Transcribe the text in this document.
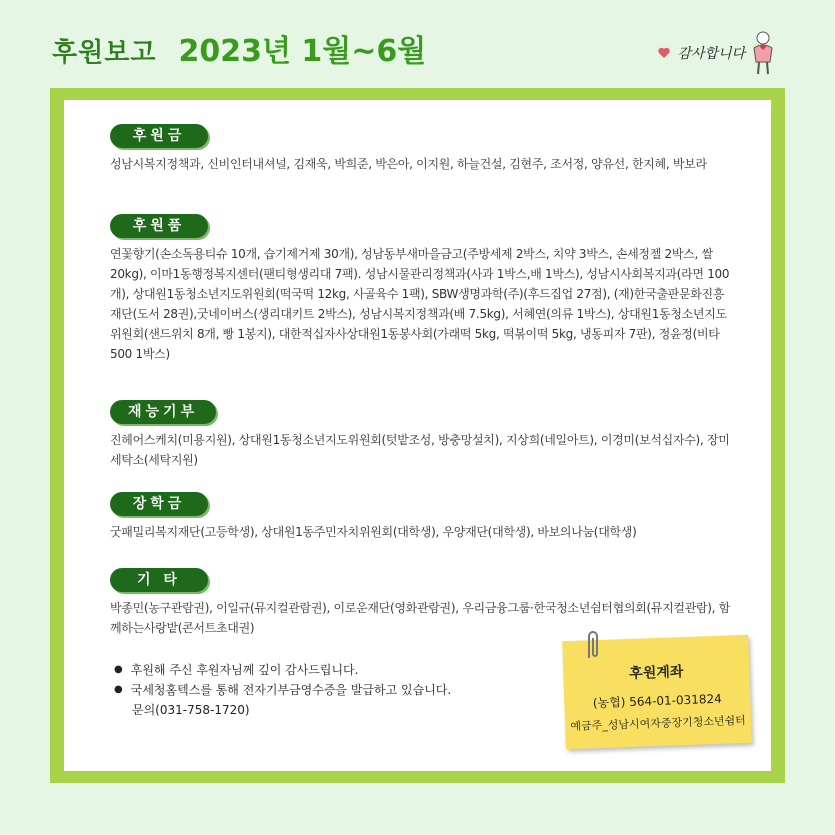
후원보고 2023년 1월~6월	감사합니다
후원금
성남시복지정책과, 신비인터내셔널, 김재욱, 박희준, 박은아, 이지원, 하늘건설, 김현주, 조서정, 양유선, 한지혜, 박보라
후원품
연꽃향기(손소독용티슈 10개, 습기제거제 30개), 성남동부새마을금고(주방세제 2박스, 치약 3박스, 손세정젤 2박스, 쌀 20kg), 이마1동행정복지센터(팬티형생리대 7팩). 성남시물관리정책과(사과 1박스,배 1박스), 성남시사회복지과(라면 100개), 상대원1동청소년지도위원회(떡국떡 12kg, 사골육수 1팩), SBW생명과학(주)(후드집업 27점), (재)한국출판문화진흥재단(도서 28권),굿네이버스(생리대키트 2박스), 성남시복지정책과(배 7.5kg), 서혜연(의류 1박스), 상대원1동청소년지도위원회(샌드위치 8개, 빵 1봉지), 대한적십자사상대원1동봉사회(가래떡 5kg, 떡볶이떡 5kg, 냉동피자 7판), 정윤정(비타500 1박스)
재능기부
진헤어스케치(미용지원), 상대원1동청소년지도위원회(텃밭조성, 방충망설치), 지상희(네일아트), 이경미(보석십자수), 장미세탁소(세탁지원)
장학금
굿패밀리복지재단(고등학생), 상대원1동주민자치위원회(대학생), 우양재단(대학생), 바보의나눔(대학생)
기 타
박종민(농구관람권), 이일규(뮤지컬관람권), 이로운재단(영화관람권), 우리금융그룹·한국청소년쉼터협의회(뮤지컬관람), 함께하는사랑밭(콘서트초대권)
● 후원해 주신 후원자님께 깊이 감사드립니다.
● 국세청홈텍스를 통해 전자기부금영수증을 발급하고 있습니다.
문의(031-758-1720)
후원계좌
(농협) 564-01-031824
예금주_성남시여자중장기청소년쉼터
